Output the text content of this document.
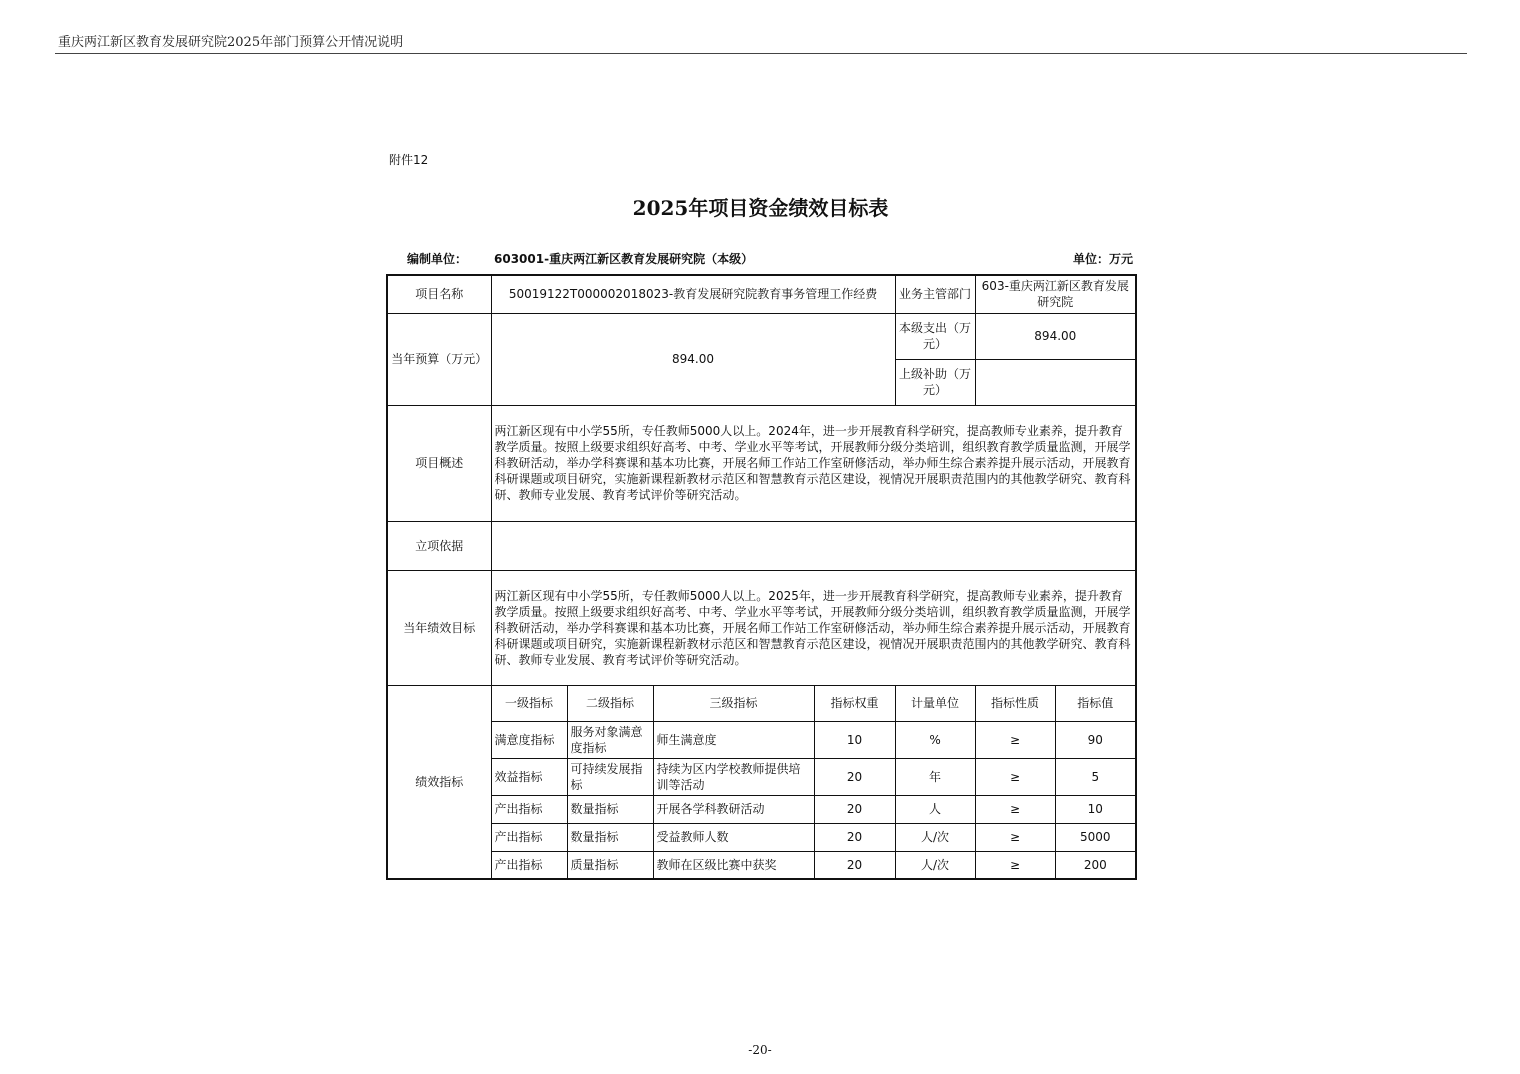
重庆两江新区教育发展研究院2025年部门预算公开情况说明
附件12
2025年项目资金绩效目标表
编制单位： 603001-重庆两江新区教育发展研究院（本级）	单位：万元
项目名称	50019122T000002018023-教育发展研究院教育事务管理工作经费				业务主管部门	603-重庆两江新区教育发展研究院	
当年预算（万元）	894.00				本级支出（万元）	894.00	
					上级补助（万元）		
项目概述	两江新区现有中小学55所，专任教师5000人以上。2024年，进一步开展教育科学研究，提高教师专业素养，提升教育教学质量。按照上级要求组织好高考、中考、学业水平等考试，开展教师分级分类培训，组织教育教学质量监测，开展学科教研活动，举办学科赛课和基本功比赛，开展名师工作站工作室研修活动，举办师生综合素养提升展示活动，开展教育科研课题或项目研究，实施新课程新教材示范区和智慧教育示范区建设，视情况开展职责范围内的其他教学研究、教育科研、教师专业发展、教育考试评价等研究活动。						
立项依据							
当年绩效目标	两江新区现有中小学55所，专任教师5000人以上。2025年，进一步开展教育科学研究，提高教师专业素养，提升教育教学质量。按照上级要求组织好高考、中考、学业水平等考试，开展教师分级分类培训，组织教育教学质量监测，开展学科教研活动，举办学科赛课和基本功比赛，开展名师工作站工作室研修活动，举办师生综合素养提升展示活动，开展教育科研课题或项目研究，实施新课程新教材示范区和智慧教育示范区建设，视情况开展职责范围内的其他教学研究、教育科研、教师专业发展、教育考试评价等研究活动。						
绩效指标	一级指标	二级指标	三级指标	指标权重	计量单位	指标性质	指标值
	满意度指标	服务对象满意度指标	师生满意度	10	%	≥	90
	效益指标	可持续发展指标	持续为区内学校教师提供培训等活动	20	年	≥	5
	产出指标	数量指标	开展各学科教研活动	20	人	≥	10
	产出指标	数量指标	受益教师人数	20	人/次	≥	5000
	产出指标	质量指标	教师在区级比赛中获奖	20	人/次	≥	200
-20-
